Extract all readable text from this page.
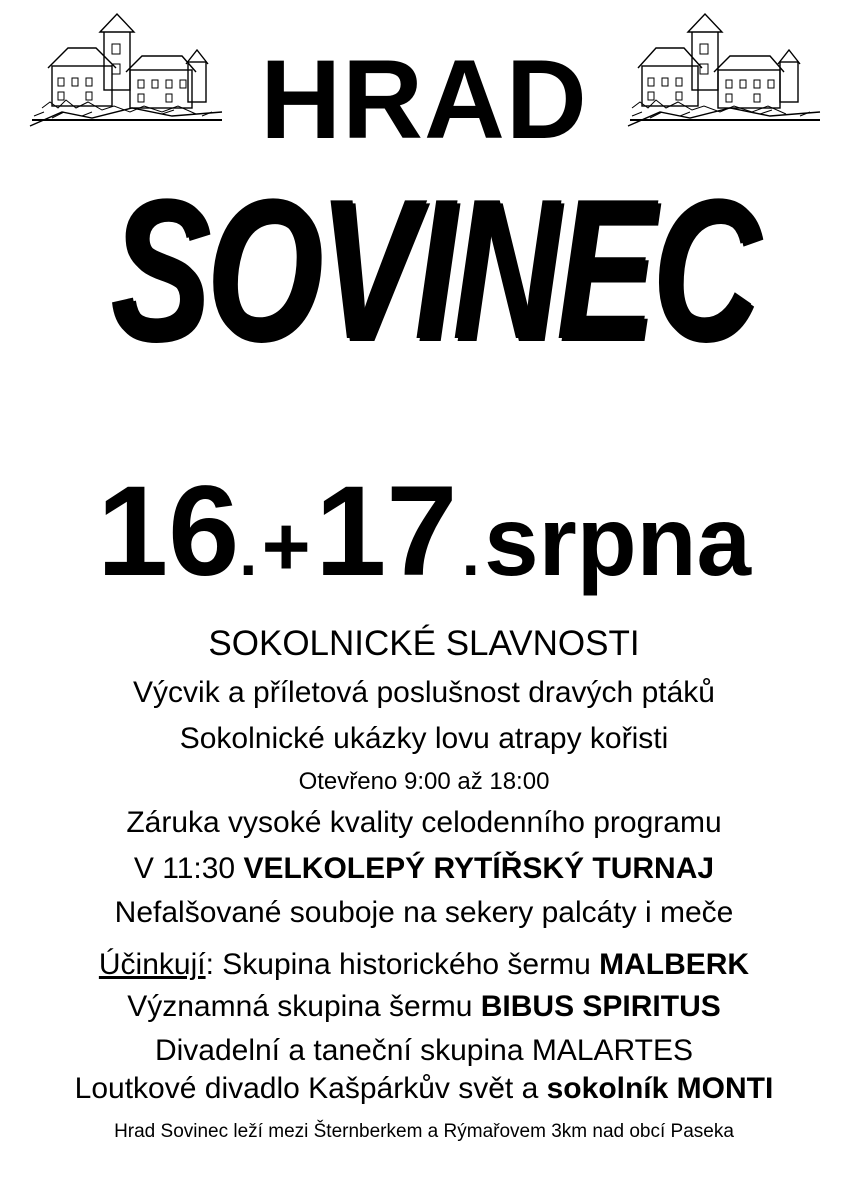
HRAD
SOVINEC
16. + 17 . srpna
SOKOLNICKÉ SLAVNOSTI
Výcvik a příletová poslušnost dravých ptáků
Sokolnické ukázky lovu atrapy kořisti
Otevřeno 9:00 až 18:00
Záruka vysoké kvality celodenního programu
V 11:30 VELKOLEPÝ RYTÍŘSKÝ TURNAJ
Nefalšované souboje na sekery palcáty i meče
Účinkují: Skupina historického šermu MALBERK
Významná skupina šermu BIBUS SPIRITUS
Divadelní a taneční skupina MALARTES
Loutkové divadlo Kašpárkův svět a sokolník MONTI
Hrad Sovinec leží mezi Šternberkem a Rýmařovem 3km nad obcí Paseka
